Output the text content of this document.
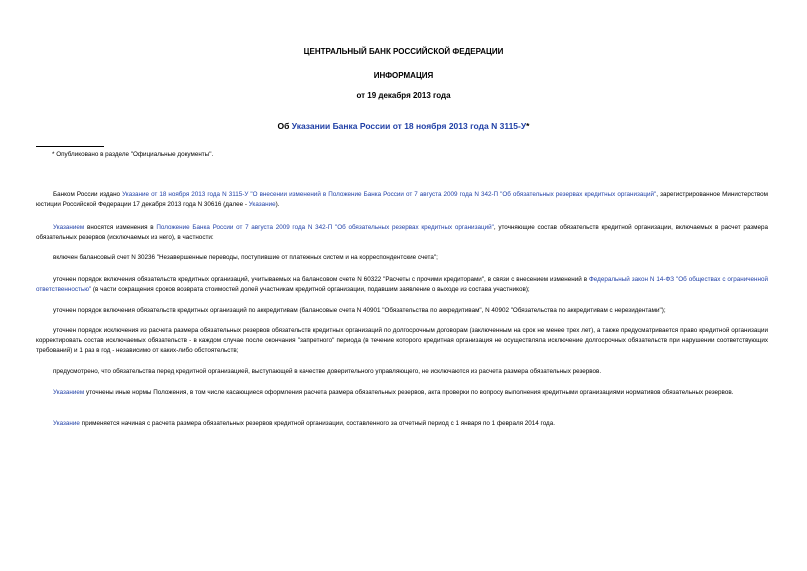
ЦЕНТРАЛЬНЫЙ БАНК РОССИЙСКОЙ ФЕДЕРАЦИИ
ИНФОРМАЦИЯ
от 19 декабря 2013 года
Об Указании Банка России от 18 ноября 2013 года N 3115-У*
* Опубликовано в разделе "Официальные документы".
Банком России издано Указание от 18 ноября 2013 года N 3115-У "О внесении изменений в Положение Банка России от 7 августа 2009 года N 342-П "Об обязательных резервах кредитных организаций", зарегистрированное Министерством юстиции Российской Федерации 17 декабря 2013 года N 30616 (далее - Указание).
Указанием вносятся изменения в Положение Банка России от 7 августа 2009 года N 342-П "Об обязательных резервах кредитных организаций", уточняющие состав обязательств кредитной организации, включаемых в расчет размера обязательных резервов (исключаемых из него), в частности:
включен балансовый счет N 30236 "Незавершенные переводы, поступившие от платежных систем и на корреспондентские счета";
уточнен порядок включения обязательств кредитных организаций, учитываемых на балансовом счете N 60322 "Расчеты с прочими кредиторами", в связи с внесением изменений в Федеральный закон N 14-ФЗ "Об обществах с ограниченной ответственностью" (в части сокращения сроков возврата стоимостей долей участникам кредитной организации, подавшим заявление о выходе из состава участников);
уточнен порядок включения обязательств кредитных организаций по аккредитивам (балансовые счета N 40901 "Обязательства по аккредитивам", N 40902 "Обязательства по аккредитивам с нерезидентами");
уточнен порядок исключения из расчета размера обязательных резервов обязательств кредитных организаций по долгосрочным договорам (заключенным на срок не менее трех лет), а также предусматривается право кредитной организации корректировать состав исключаемых обязательств - в каждом случае после окончания "запретного" периода (в течение которого кредитная организация не осуществляла исключение долгосрочных обязательств при нарушении соответствующих требований) и 1 раз в год - независимо от каких-либо обстоятельств;
предусмотрено, что обязательства перед кредитной организацией, выступающей в качестве доверительного управляющего, не исключаются из расчета размера обязательных резервов.
Указанием уточнены иные нормы Положения, в том числе касающиеся оформления расчета размера обязательных резервов, акта проверки по вопросу выполнения кредитными организациями нормативов обязательных резервов.
Указание применяется начиная с расчета размера обязательных резервов кредитной организации, составленного за отчетный период с 1 января по 1 февраля 2014 года.
